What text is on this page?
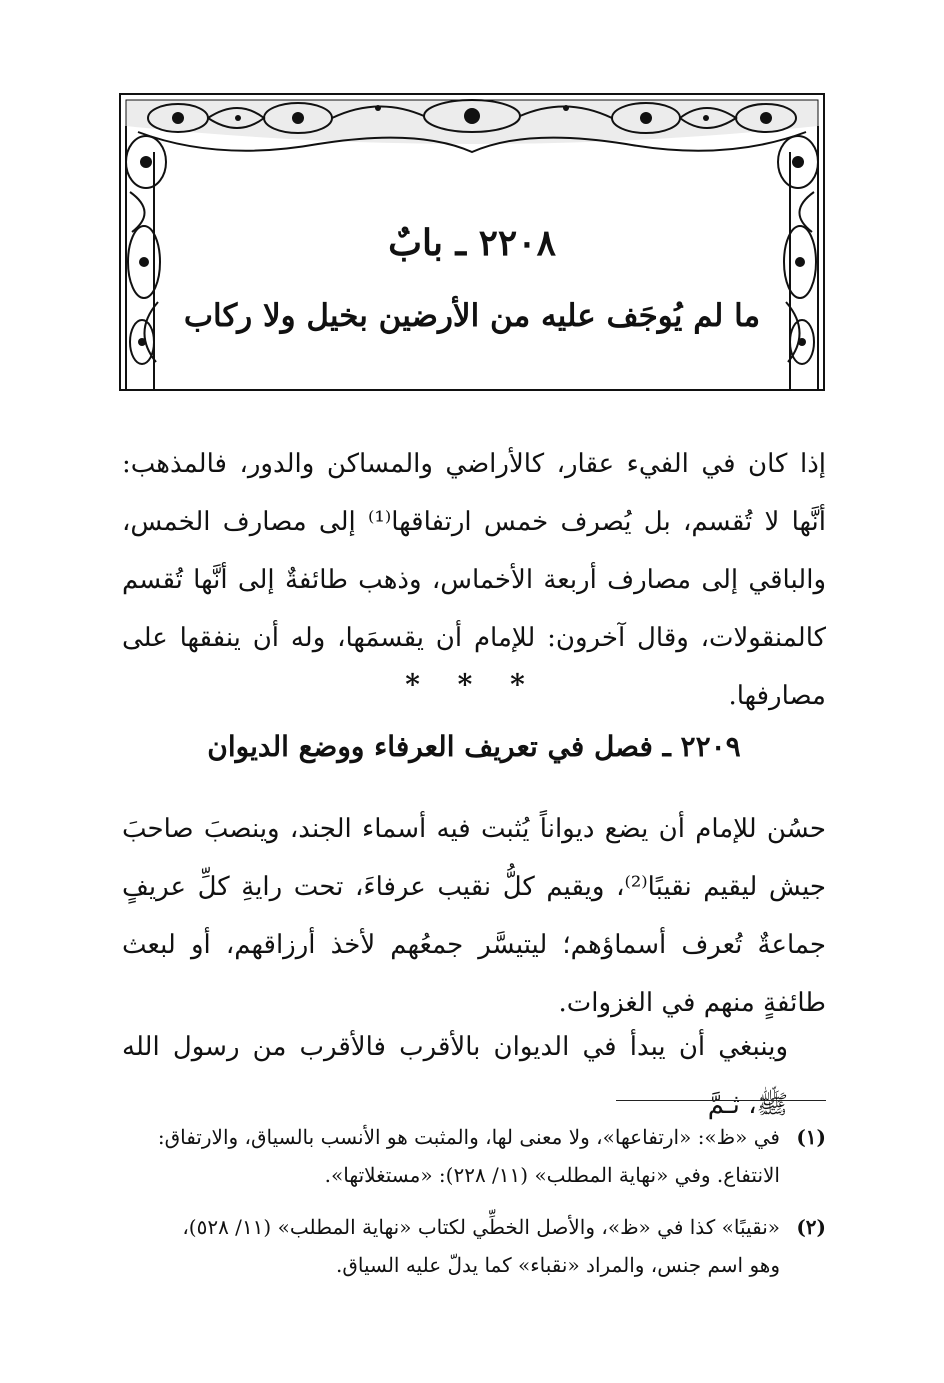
٢٢٠٨ ـ بابٌ
ما لم يُوجَف عليه من الأرضين بخيل ولا ركاب
إذا كان في الفيء عقار، كالأراضي والمساكن والدور، فالمذهب: أنَّها لا تُقسم، بل يُصرف خمس ارتفاقها⁽¹⁾ إلى مصارف الخمس، والباقي إلى مصارف أربعة الأخماس، وذهب طائفةٌ إلى أنَّها تُقسم كالمنقولات، وقال آخرون: للإمام أن يقسمَها، وله أن ينفقها على مصارفها.
* * *
٢٢٠٩ ـ فصل في تعريف العرفاء ووضع الديوان
حسُن للإمام أن يضع ديواناً يُثبت فيه أسماء الجند، وينصبَ صاحبَ جيش ليقيم نقيبًا⁽²⁾، ويقيم كلُّ نقيب عرفاءَ، تحت رايةِ كلِّ عريفٍ جماعةٌ تُعرف أسماؤهم؛ ليتيسَّر جمعُهم لأخذ أرزاقهم، أو لبعث طائفةٍ منهم في الغزوات.
وينبغي أن يبدأ في الديوان بالأقرب فالأقرب من رسول الله ﷺ، ثـمَّ
(١)في «ظ»: «ارتفاعها»، ولا معنى لها، والمثبت هو الأنسب بالسياق، والارتفاق:
الانتفاع. وفي «نهاية المطلب» (١١/ ٢٢٨): «مستغلاتها».
(٢)«نقيبًا» كذا في «ظ»، والأصل الخطِّي لكتاب «نهاية المطلب» (١١/ ٥٢٨)،
وهو اسم جنس، والمراد «نقباء» كما يدلّ عليه السياق.
